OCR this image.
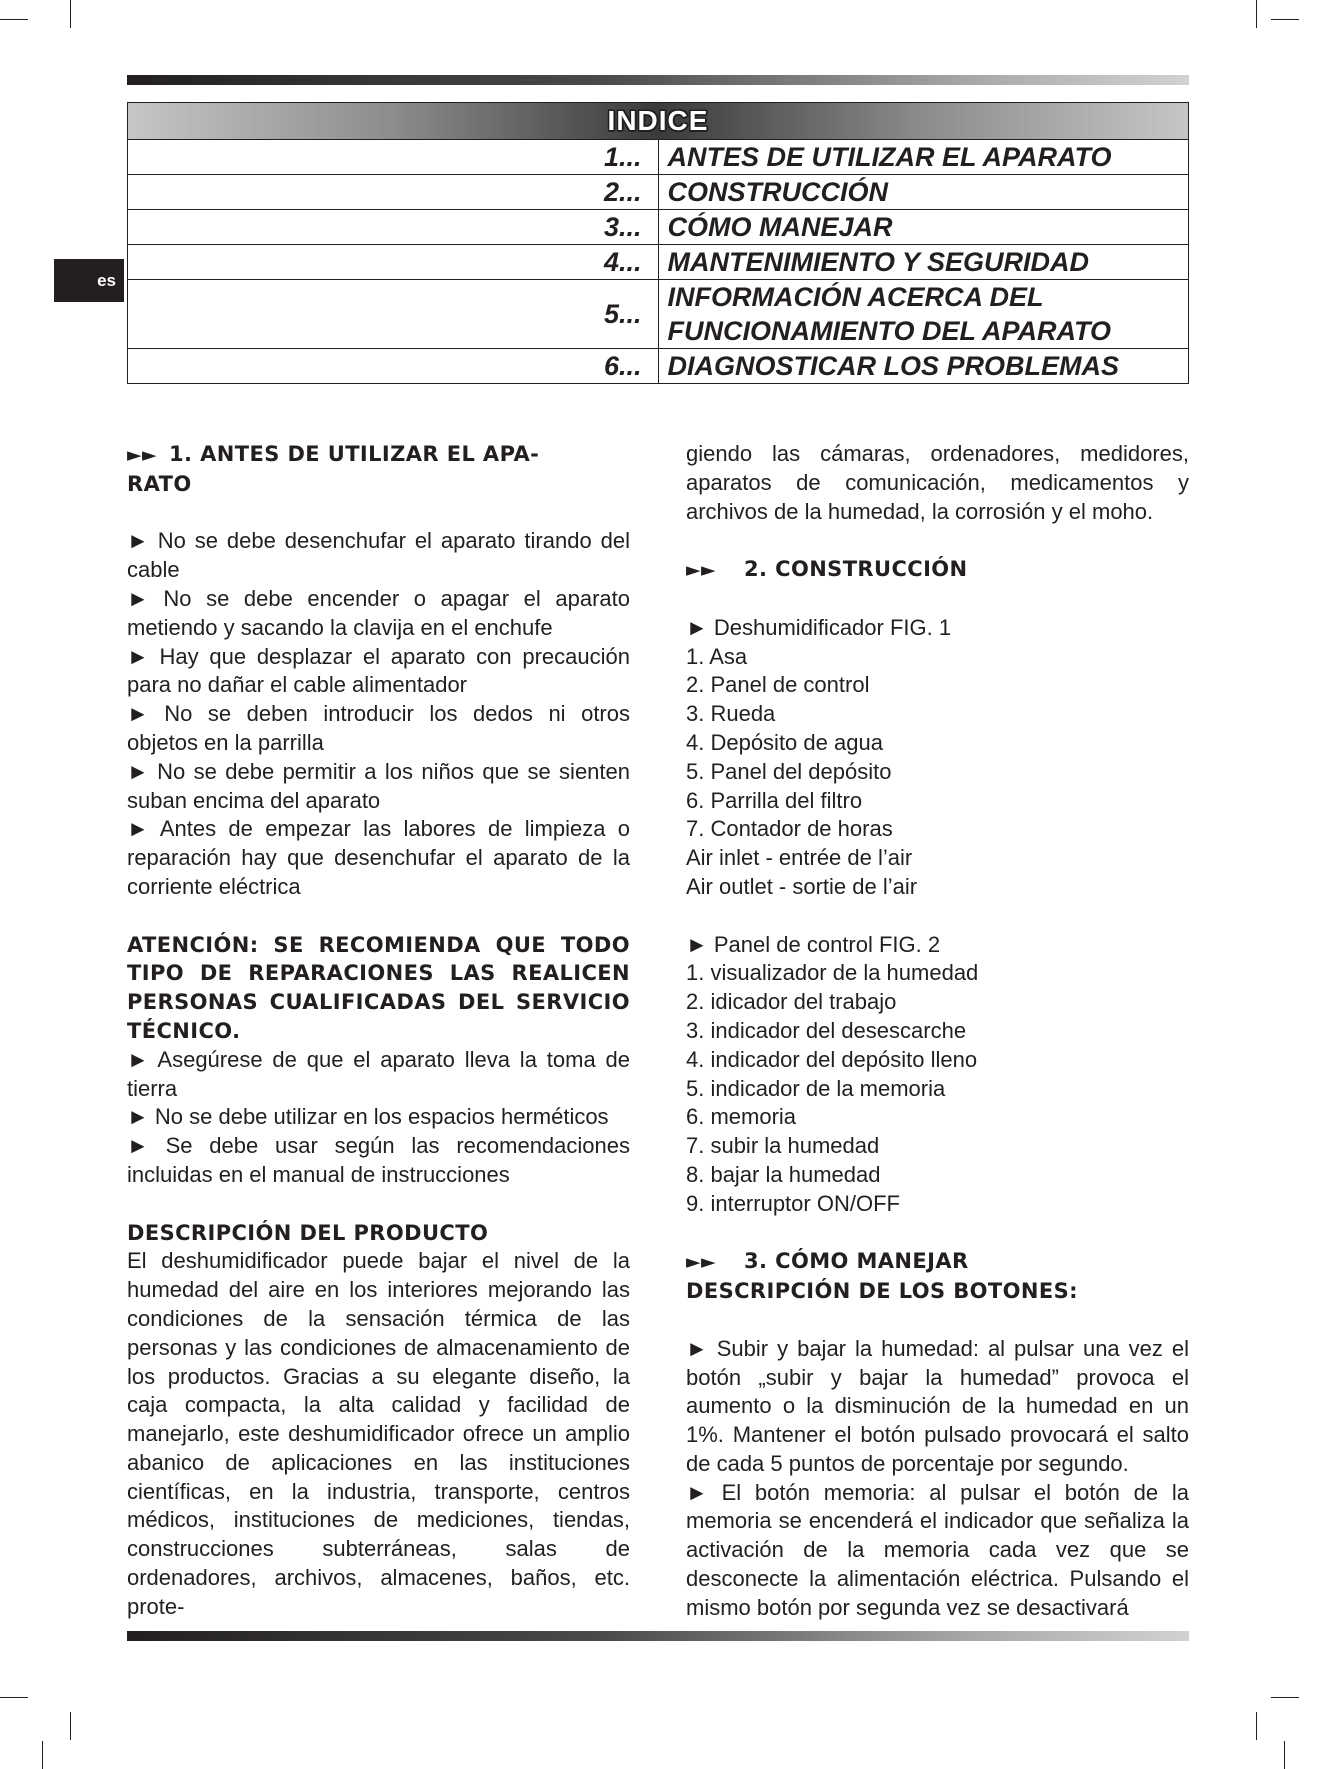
es
INDICE	
1...	ANTES DE UTILIZAR EL APARATO
2...	CONSTRUCCIÓN
3...	CÓMO MANEJAR
4...	MANTENIMIENTO Y SEGURIDAD
5...	INFORMACIÓN ACERCA DEL FUNCIONAMIENTO DEL APARATO
6...	DIAGNOSTICAR LOS PROBLEMAS

►► 1. ANTES DE UTILIZAR EL APA-

RATO

► No se debe desenchufar el aparato tirando del cable

► No se debe encender o apagar el aparato metiendo y sacando la clavija en el enchufe

► Hay que desplazar el aparato con precaución para no dañar el cable alimentador

► No se deben introducir los dedos ni otros objetos en la parrilla

► No se debe permitir a los niños que se sienten suban encima del aparato

► Antes de empezar las labores de limpieza o reparación hay que desenchufar el aparato de la corriente eléctrica

ATENCIÓN: SE RECOMIENDA QUE TODO TIPO DE REPARACIONES LAS REALICEN PERSONAS CUALIFICADAS DEL SERVICIO TÉCNICO.

► Asegúrese de que el aparato lleva la toma de tierra

► No se debe utilizar en los espacios herméticos

► Se debe usar según las recomendaciones incluidas en el manual de instrucciones

DESCRIPCIÓN DEL PRODUCTO

El deshumidificador puede bajar el nivel de la humedad del aire en los interiores mejorando las condiciones de la sensación térmica de las personas y las condiciones de almacenamiento de los productos. Gracias a su elegante diseño, la caja compacta, la alta calidad y facilidad de manejarlo, este deshumidificador ofrece un amplio abanico de aplicaciones en las instituciones científicas, en la industria, transporte, centros médicos, instituciones de mediciones, tiendas, construcciones subterráneas, salas de ordenadores, archivos, almacenes, baños, etc. prote-

giendo las cámaras, ordenadores, medidores, aparatos de comunicación, medicamentos y archivos de la humedad, la corrosión y el moho.

►► 2. CONSTRUCCIÓN

► Deshumidificador FIG. 1

1. Asa

2. Panel de control

3. Rueda

4. Depósito de agua

5. Panel del depósito

6. Parrilla del filtro

7. Contador de horas

Air inlet - entrée de l’air

Air outlet - sortie de l’air

► Panel de control FIG. 2

1. visualizador de la humedad

2. idicador del trabajo

3. indicador del desescarche

4. indicador del depósito lleno

5. indicador de la memoria

6. memoria

7. subir la humedad

8. bajar la humedad

9. interruptor ON/OFF

►► 3. CÓMO MANEJAR

DESCRIPCIÓN DE LOS BOTONES:

► Subir y bajar la humedad: al pulsar una vez el botón „subir y bajar la humedad” provoca el aumento o la disminución de la humedad en un 1%. Mantener el botón pulsado provocará el salto de cada 5 puntos de porcentaje por segundo.

► El botón memoria: al pulsar el botón de la memoria se encenderá el indicador que señaliza la activación de la memoria cada vez que se desconecte la alimentación eléctrica. Pulsando el mismo botón por segunda vez se desactivará
